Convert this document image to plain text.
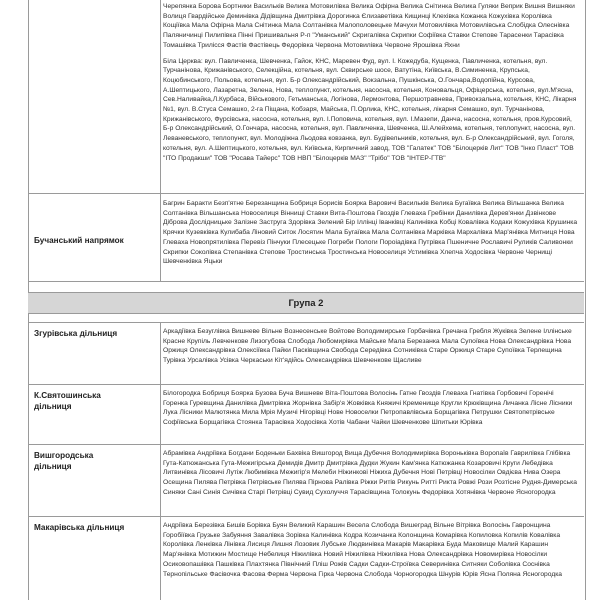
Черепянка Борова Бортники Васильків Велика Мотовилівка Велика Офірна Велика Снітинка Велика Гуляки Веприк Вишня Вишняки Волиця Гвардійське Деминівка Дідівщина Дмитрівка Дорогинка Єлизаветівка Кищинці Клехівка Кожанка Кожухівка Королівка Кощіївка Мала Офірна Мала Снітинка Мала Солтанівка Малополовецьке Мачухи Мотовилівка Мотовилівська Слобідка Олеснівка Паляничинці Пилипівка Пінні Пришивальня Р-п "Уманський" Скригалівка Скрипки Софіївка Ставки Степове Тарасенки Тарасівка Томашівка Трилісся Фастів Фастівець Федорівка Червона Мотовилівка Червоне Ярошівка Яхни

Біла Церква: вул. Павличенка, Шевченка, Гайок, КНС, Маревен Фуд, вул. І. Кожедуба, Кущенка, Павличенка, котельня, вул. Турчанінова, Крижанівського, Селекційна, котельня, вул. Сквирське шосе, Ватутіна, Київська, В.Симиненка, Крупська, Коцюбинського, Польова, котельня, вул. Б-р Олександрійський, Вокзальна, Пушкінська, О.Гончара,Водопійна, Курсова, А.Шептицького, Лазаретна, Зелена, Нова, теплопункт, котельня, насосна, котельня, Коновальця, Офіцерська, котельня, вул.М'ясна, Сев.Наливайка,Л.Курбаса, Військового, Гетьманська, Логінова, Лермонтова, Першотравнева, Привокзальна, котельня, КНС, Лікарня №1, вул. В.Стуса Семашко, 2-га Піщана, Кобзаря, Майська, П.Орлика, КНС, котельня, лікарня Семашко, вул. Турчанінова, Крижанівського, Фурсівська, насосна, котельня, вул. І.Поповича, котельня, вул. І.Мазепи, Данча, насосна, котельня, пров.Курсовий, Б-р Олександрійський, О.Гончара, насосна, котельня, вул. Павличенка, Шевченка, Ш.Алейхема, котельня, теплопункт, насосна, вул. Леваневського, теплопункт, вул. Молодіжна Льодова ковзанка, вул. Будівельників, котельня, вул. Б-р Олександрійський, вул. Гоголя, котельня, вул. А.Шептицького, котельня, вул. Київська, Кирпичний завод, ТОВ "Галатек" ТОВ "Білоцерків Лит" ТОВ "Інко Пласт" ТОВ "ІТО Продакши" ТОВ "Росава Тайерс" ТОВ НВП "Білоцерків МАЗ" "Трібо" ТОВ "ІНТЕР-ГТВ"

Бучанський напрямок
Багрин Баракти Безп'ятне Березанщина Бобриця Борисів Бояркa Ваpoвичі Васильків Велика Бугаївка Велика Вільшанка Велика Солтанівка Вільшанська Новоселиця Віннищі Ставки Вита-Поштова Гвоздів Глевaха Гребінки Данилівка Дерев'янки Дзвінкове Діброва Дослідницьке Залізне Застругa Здорівка Зелений Бір Іллінці Іванківці Калинівка Кобці Ковалівка Кодаки Кожухівка Крушинка Крячки Кузевківка Кулибаба Ліновий Ситок Лосятин Мала Бугаївка Мала Солтанівка Марківка Мархалівка Мар'янівка Митниця Нова Глевaха Новопрятилівка Перевіз Пінчуки Плесецьке Погреби Пологи Пороіадівка Путрівка Пшеничне Рославичі Руликів Саливонки Скрипки Соколівка Степанівка Степове Тростинська Тростинська Новоселиця Устимівка Хлепча Ходосівка Червоне Чернищі Шевченківка Яцьки
Група 2
Згурівська дільниця	Аркадіївка Безуглівка Вишневе Вільне Вознесенське Войтове Володимирське Горбачівка Гречана Гребля Жуківка Зелене Іллінське Красне Крупіль Левченкове Лизогубова Слобода Любомирівка Майське Мала Березанка Мала Супоївка Нова Олександрівка Нова Оржиця Олександрівка Олексіївка Пайки Пасківщина Свобода Середівка Сотниківка Старе Оржиця Старе Супоївка Терлещина Турівка Урсалівка Усівка Черкаськи Кіт'ядійсь Олександрівка Шевченкове Щасливе
К.Святошинська
дільниця
Білогородка Бобриця Боярка Бузова Буча Вишневе Віта-Поштова Волосінь Гатне Гвоздів Глевaха Гнатівка Горбовичі Горенічі Горенка Гуревщина Данилівка Дмитрівка Жорнівка Забір'я Жовківка Княжичі Кременище Кругли Крюківщина Личанка Лісне Лісники Лука Лісники Малютянка Мила Мрія Музичі Нігорівці Нове Новоселки Петропавлівська Борщагівка Петрушки Святопетрівське Софіївська Борщагівка Стоянка Тарасівка Ходосівка Хотів Чабани Чайки Шевченкове Шпитьки Юрівка
Вишгородська
дільниця
Абрамівка Андріївка Богдани Боденьки Бахвіка Вишгород Вища Дубечня Володимирівка Воронькiвка Воропаїв Гаврилівка Глібівка Гута-Катюжанська Гута-Межигірська Демидів Дмитр Дмитрівка Дудки Жукин Кам'янка Катюжанка Козаровичі Круги Лебедівка Литвинівка Лісовичі Лутiж Любимівка Межигір'я Мелеби Ніжинкові Ніжиха Дубечня Нові Петрівці Новосілки Овдієва Нива Озера Осещина Пилява Петрівка Петрівськe Пилява Пірнова Ралівка Ріжки Ритів Рикунь Ритті Рикта Ровжі Рози Розтісне Рудня-Димерська Синяки Сані Синія Сичівка Старі Петрівці Сувид Сухолуччя Тарасівщина Толокунь Федорівка Хотянівка Червоне Ясногородка
Макарівська дільниця	Андріївка Березівка Бишів Борівка Буян Великий Карашин Весела Слобода Вишеград Вільне Вітрівка Волосінь Гавронщина Горобіївка Грузьке Забуяння Завалівка Зорівка Калинівка Кодра Козичанка Колонщина Комарівка Копиловка Копилів Ковалівка Королівка Ленківка Лінівка Лисиця Лишня Лозовик Лубське Людвинівка Макарів Макарівка Буда Маковище Малий Карашин Мар'янівка Мотижин Мостище Небелиця Ніжилівка Новий Ніжилівка Ніжилівка Нова Олександрівка Новомирівка Новосілки Осиковопашівка Пашківка Плахтянка Північний Пліш Рожів Садки Садки-Строївка Северинівка Ситняки Соболівка Соснівка Тернопільське Фасівочка Фасова Ферма Червона Гірка Червона Слобода Чорногородка Шнурів Юрів Ясна Поляна Ясногородка
